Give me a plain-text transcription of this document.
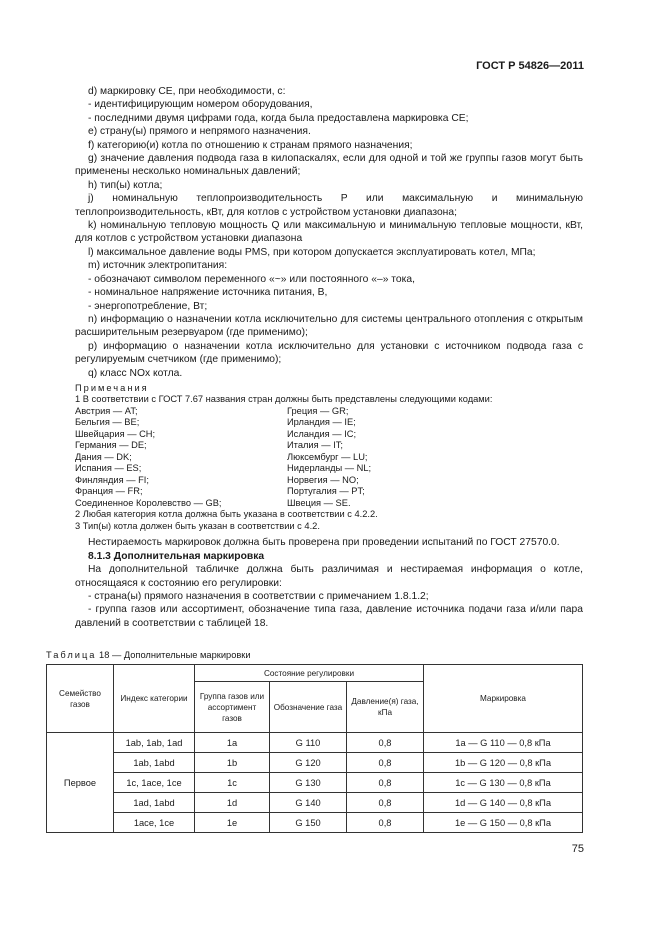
ГОСТ Р 54826—2011

d) маркировку СЕ, при необходимости, с:

- идентифицирующим номером оборудования,

- последними двумя цифрами года, когда была предоставлена маркировка СЕ;

е) страну(ы) прямого и непрямого назначения.

f) категорию(и) котла по отношению к странам прямого назначения;

g) значение давления подвода газа в килопаскалях, если для одной и той же группы газов могут быть применены несколько номинальных давлений;

h) тип(ы) котла;

j) номинальную теплопроизводительность P или максимальную и минимальную теплопроизводительность, кВт, для котлов с устройством установки диапазона;

k) номинальную тепловую мощность Q или максимальную и минимальную тепловые мощности, кВт, для котлов с устройством установки диапазона

l) максимальное давление воды PMS, при котором допускается эксплуатировать котел, МПа;

m) источник электропитания:

- обозначают символом переменного «~» или постоянного «–» тока,

- номинальное напряжение источника питания, В,

- энергопотребление, Вт;

n) информацию о назначении котла исключительно для системы центрального отопления с открытым расширительным резервуаром (где применимо);

p) информацию о назначении котла исключительно для установки с источником подвода газа с регулируемым счетчиком (где применимо);

q) класс NOx котла.

Примечания

1 В соответствии с ГОСТ 7.67 названия стран должны быть представлены следующими кодами:

Австрия — AT;	Греция — GR;
Бельгия — BE;	Ирландия — IE;
Швейцария — CH;	Исландия — IC;
Германия — DE;	Италия — IT;
Дания — DK;	Люксембург — LU;
Испания — ES;	Нидерланды — NL;
Финляндия — FI;	Норвегия — NO;
Франция — FR;	Португалия — PT;
Соединенное Королевство — GB;	Швеция — SE.

2 Любая категория котла должна быть указана в соответствии с 4.2.2.

3 Тип(ы) котла должен быть указан в соответствии с 4.2.

Нестираемость маркировок должна быть проверена при проведении испытаний по ГОСТ 27570.0.

8.1.3 Дополнительная маркировка

На дополнительной табличке должна быть различимая и нестираемая информация о котле, относящаяся к состоянию его регулировки:

- страна(ы) прямого назначения в соответствии с примечанием 1.8.1.2;

- группа газов или ассортимент, обозначение типа газа, давление источника подачи газа и/или пара давлений в соответствии с таблицей 18.

Таблица 18 — Дополнительные маркировки
Семейство газов	Индекс категории	Состояние регулировки			Маркировка
		Группа газов или ассортимент газов	Обозначение газа	Давление(я) газа, кПа	
Первое	1ab, 1ab, 1ad	1a	G 110	0,8	1a — G 110 — 0,8 кПа
	1ab, 1abd	1b	G 120	0,8	1b — G 120 — 0,8 кПа
	1c, 1ace, 1ce	1c	G 130	0,8	1c — G 130 — 0,8 кПа
	1ad, 1abd	1d	G 140	0,8	1d — G 140 — 0,8 кПа
	1ace, 1ce	1e	G 150	0,8	1e — G 150 — 0,8 кПа
75
